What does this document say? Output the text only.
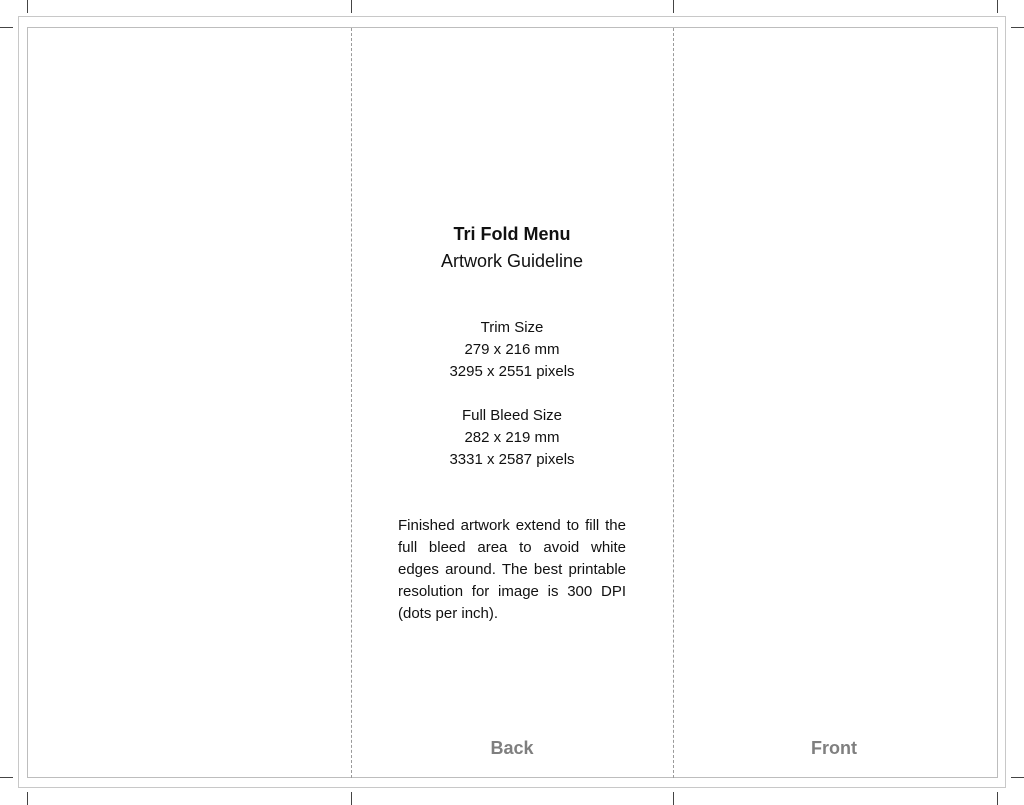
Tri Fold Menu
Artwork Guideline
Trim Size
279 x 216 mm
3295 x 2551 pixels
Full Bleed Size
282 x 219 mm
3331 x 2587 pixels
Finished artwork extend to fill the full bleed area to avoid white edges around. The best printable resolution for image is 300 DPI (dots per inch).
Back	Front
